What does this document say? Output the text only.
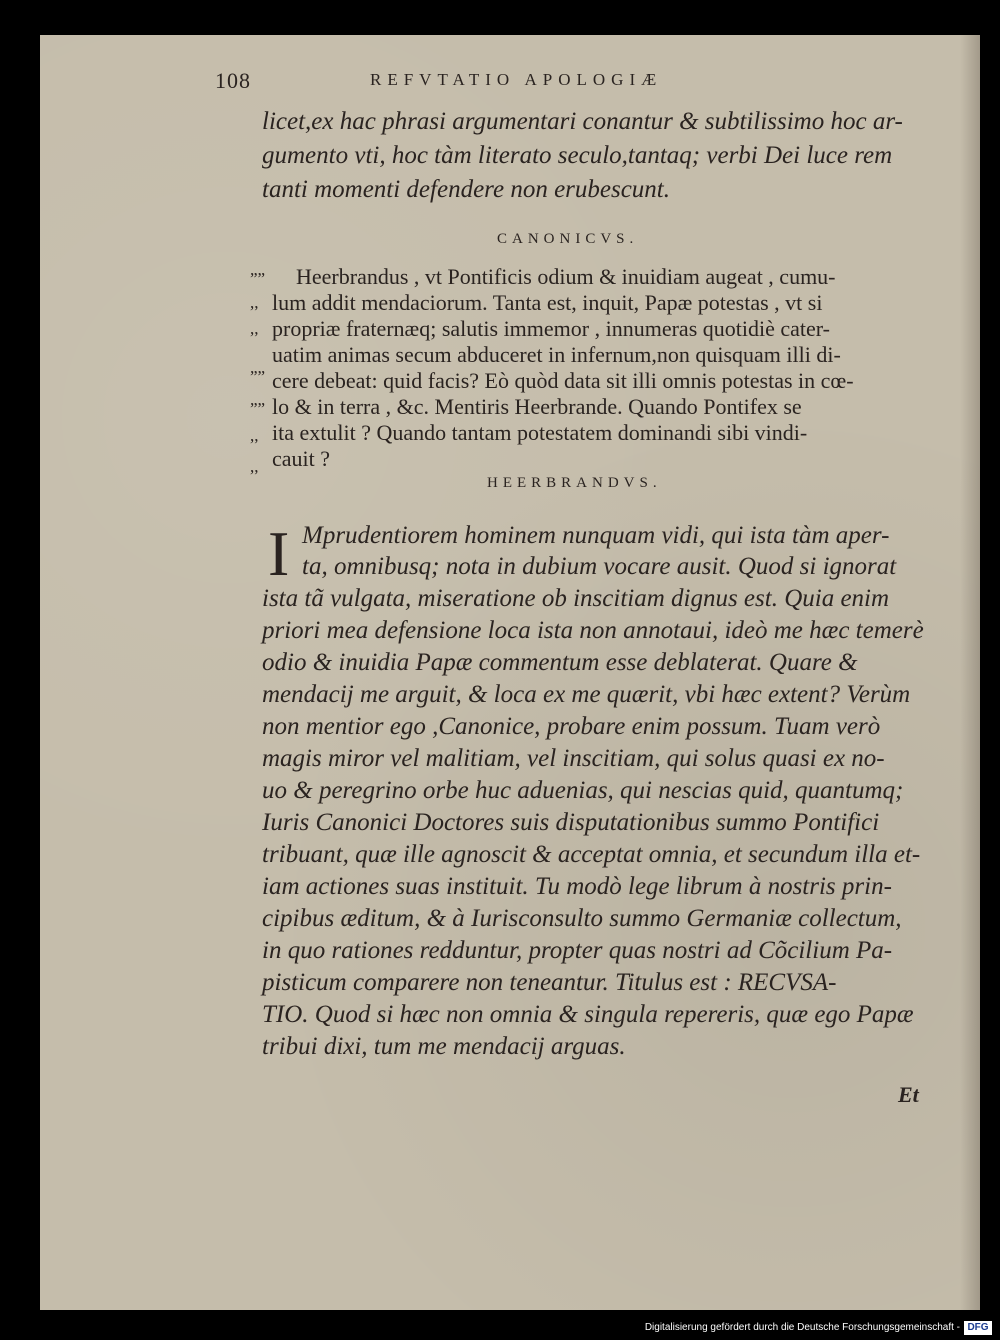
108	REFVTATIO APOLOGIÆ
licet,ex hac phrasi argumentari conantur & subtilissimo hoc ar-
gumento vti, hoc tàm literato seculo,tantaq; verbi Dei luce rem
tanti momenti defendere non erubescunt.
CANONICVS.
””
,,
,,
””
””
,,
,,
Heerbrandus , vt Pontificis odium & inuidiam augeat , cumu-
lum addit mendaciorum. Tanta est, inquit, Papæ potestas , vt si
propriæ fraternæq; salutis immemor , innumeras quotidiè cater-
uatim animas secum abduceret in infernum,non quisquam illi di-
cere debeat: quid facis? Eò quòd data sit illi omnis potestas in cœ-
lo & in terra , &c. Mentiris Heerbrande. Quando Pontifex se
ita extulit ? Quando tantam potestatem dominandi sibi vindi-
cauit ?
HEERBRANDVS.
I Mprudentiorem hominem nunquam vidi, qui ista tàm aper-
ta, omnibusq; nota in dubium vocare ausit. Quod si ignorat
ista tã vulgata, miseratione ob inscitiam dignus est. Quia enim
priori mea defensione loca ista non annotaui, ideò me hæc temerè
odio & inuidia Papæ commentum esse deblaterat. Quare &
mendacij me arguit, & loca ex me quærit, vbi hæc extent? Verùm
non mentior ego ,Canonice, probare enim possum. Tuam verò
magis miror vel malitiam, vel inscitiam, qui solus quasi ex no-
uo & peregrino orbe huc aduenias, qui nescias quid, quantumq;
Iuris Canonici Doctores suis disputationibus summo Pontifici
tribuant, quæ ille agnoscit & acceptat omnia, et secundum illa et-
iam actiones suas instituit. Tu modò lege librum à nostris prin-
cipibus æditum, & à Iurisconsulto summo Germaniæ collectum,
in quo rationes redduntur, propter quas nostri ad Cõcilium Pa-
pisticum comparere non teneantur. Titulus est : RECVSA-
TIO. Quod si hæc non omnia & singula repereris, quæ ego Papæ
tribui dixi, tum me mendacij arguas.
Et
Digitalisierung gefördert durch die Deutsche Forschungsgemeinschaft - DFG
